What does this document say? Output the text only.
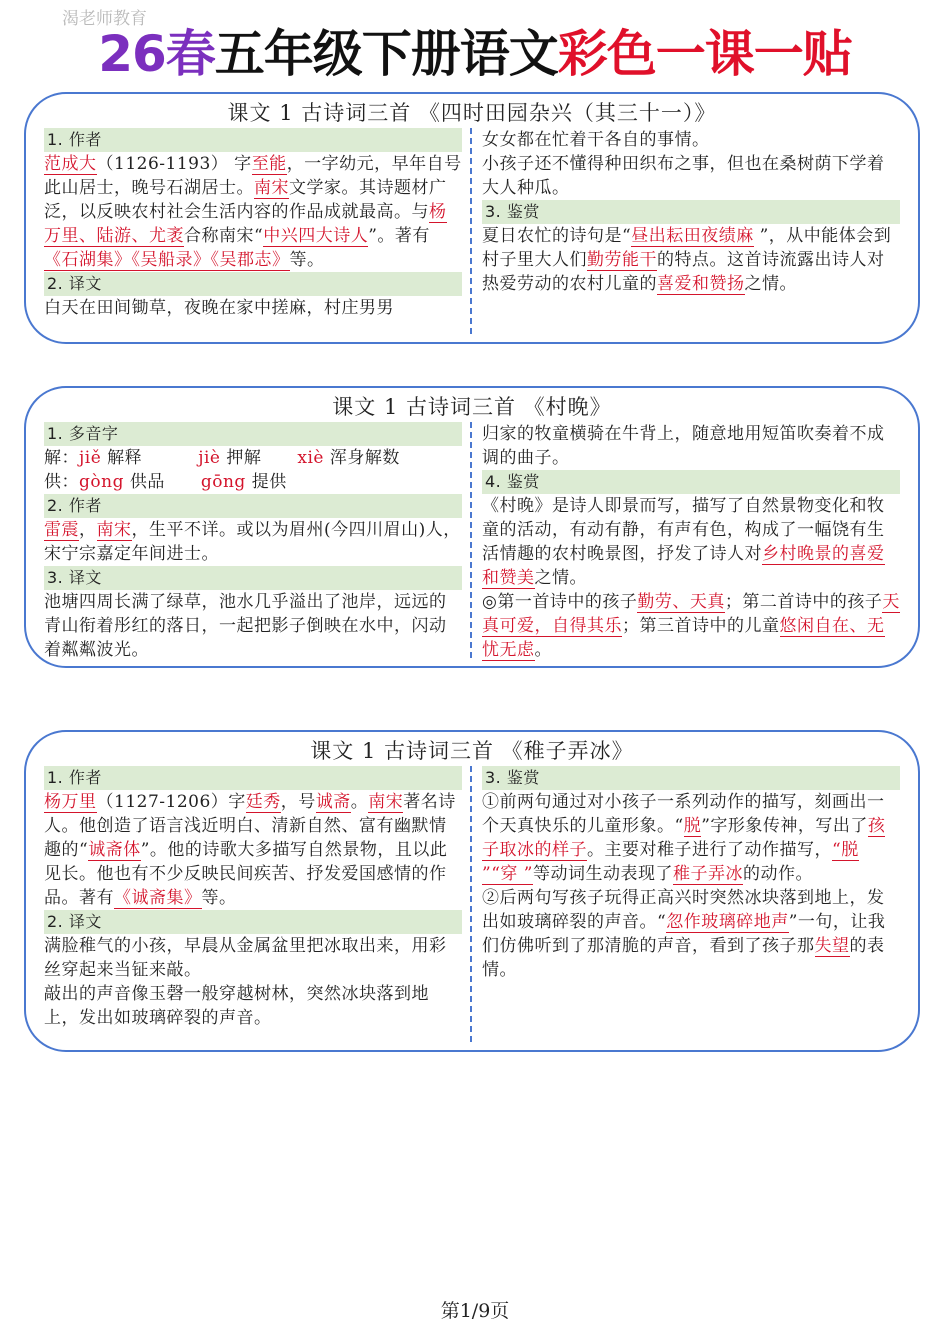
渴老师教育
26春五年级下册语文彩色一课一贴
课文 1 古诗词三首 《四时田园杂兴（其三十一）》
1. 作者

范成大（1126-1193） 字至能，一字幼元，早年自号此山居士，晚号石湖居士。南宋文学家。其诗题材广泛，以反映农村社会生活内容的作品成就最高。与杨万里、陆游、尤袤合称南宋“中兴四大诗人”。著有《石湖集》《吴船录》《吴郡志》等。

2. 译文

白天在田间锄草，夜晚在家中搓麻，村庄男男

女女都在忙着干各自的事情。

小孩子还不懂得种田织布之事，但也在桑树荫下学着大人种瓜。

3. 鉴赏

夏日农忙的诗句是“昼出耘田夜绩麻 ”，从中能体会到村子里大人们勤劳能干的特点。这首诗流露出诗人对热爱劳动的农村儿童的喜爱和赞扬之情。

课文 1 古诗词三首 《村晚》
1. 多音字

解：jiě 解释	jiè 押解 xiè 浑身解数

供：gòng 供品 gōng 提供

2. 作者

雷震，南宋，生平不详。或以为眉州(今四川眉山)人，宋宁宗嘉定年间进士。

3. 译文

池塘四周长满了绿草，池水几乎溢出了池岸，远远的青山衔着彤红的落日，一起把影子倒映在水中，闪动着粼粼波光。

归家的牧童横骑在牛背上，随意地用短笛吹奏着不成调的曲子。

4. 鉴赏

《村晚》是诗人即景而写，描写了自然景物变化和牧童的活动，有动有静，有声有色，构成了一幅饶有生活情趣的农村晚景图，抒发了诗人对乡村晚景的喜爱和赞美之情。

◎第一首诗中的孩子勤劳、天真；第二首诗中的孩子天真可爱，自得其乐；第三首诗中的儿童悠闲自在、无忧无虑。

课文 1 古诗词三首 《稚子弄冰》
1. 作者

杨万里（1127-1206）字廷秀，号诚斋。南宋著名诗人。他创造了语言浅近明白、清新自然、富有幽默情趣的“诚斋体”。他的诗歌大多描写自然景物，且以此见长。他也有不少反映民间疾苦、抒发爱国感情的作品。著有《诚斋集》等。

2. 译文

满脸稚气的小孩，早晨从金属盆里把冰取出来，用彩丝穿起来当钲来敲。

敲出的声音像玉磬一般穿越树林，突然冰块落到地上，发出如玻璃碎裂的声音。

3. 鉴赏

①前两句通过对小孩子一系列动作的描写，刻画出一个天真快乐的儿童形象。“脱”字形象传神，写出了孩子取冰的样子。主要对稚子进行了动作描写，“脱 ”“穿 ”等动词生动表现了稚子弄冰的动作。

②后两句写孩子玩得正高兴时突然冰块落到地上，发出如玻璃碎裂的声音。“忽作玻璃碎地声”一句，让我们仿佛听到了那清脆的声音，看到了孩子那失望的表情。

第1/9页
